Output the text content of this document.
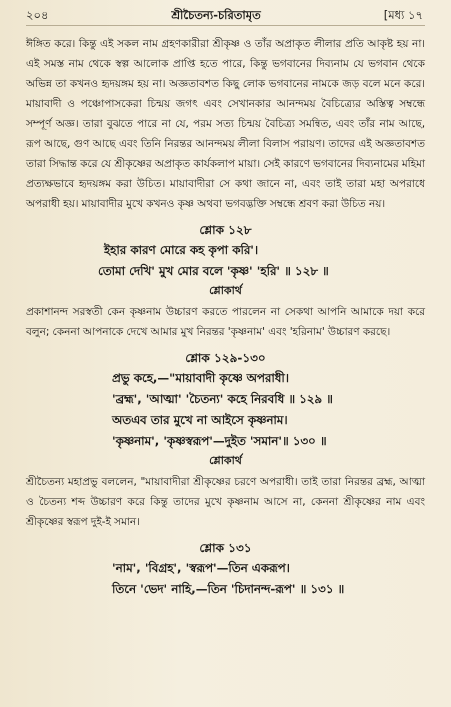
২০৪	শ্রীচৈতন্য-চরিতামৃত	[মধ্য ১৭

ঈঙ্গিত করে। কিন্তু এই সকল নাম গ্রহণকারীরা শ্রীকৃষ্ণ ও তাঁর অপ্রাকৃত লীলার প্রতি আকৃষ্ট হয় না। এই সমস্ত নাম থেকে স্বল্প আলোক প্রাপ্তি হতে পারে, কিন্তু ভগবানের দিব্যনাম যে ভগবান থেকে অভিন্ন তা কখনও হৃদয়ঙ্গম হয় না। অজ্ঞতাবশত কিছু লোক ভগবানের নামকে জড় বলে মনে করে। মায়াবাদী ও পঞ্চোপাসকেরা চিন্ময় জগৎ এবং সেখানকার আনন্দময় বৈচিত্র্যের অস্তিত্ব সম্বন্ধে সম্পূর্ণ অজ্ঞ। তারা বুঝতে পারে না যে, পরম সত্য চিন্ময় বৈচিত্র্য সমন্বিত, এবং তাঁর নাম আছে, রূপ আছে, গুণ আছে এবং তিনি নিরন্তর আনন্দময় লীলা বিলাস পরায়ণ। তাদের এই অজ্ঞতাবশত তারা সিদ্ধান্ত করে যে শ্রীকৃষ্ণের অপ্রাকৃত কার্যকলাপ মায়া। সেই কারণে ভগবানের দিব্যনামের মহিমা প্রত্যক্ষভাবে হৃদয়ঙ্গম করা উচিত। মায়াবাদীরা সে কথা জানে না, এবং তাই তারা মহা অপরাধে অপরাধী হয়। মায়াবাদীর মুখে কখনও কৃষ্ণ অথবা ভগবদ্ভক্তি সম্বন্ধে শ্রবণ করা উচিত নয়।

শ্লোক ১২৮
ইহার কারণ মোরে কহ কৃপা করি'।
তোমা দেখি' মুখ মোর বলে 'কৃষ্ণ' 'হরি' ॥ ১২৮ ॥
শ্লোকার্থ

প্রকাশানন্দ সরস্বতী কেন কৃষ্ণনাম উচ্চারণ করতে পারলেন না সেকথা আপনি আমাকে দয়া করে বলুন; কেননা আপনাকে দেখে আমার মুখ নিরন্তর 'কৃষ্ণনাম' এবং 'হরিনাম' উচ্চারণ করছে।

শ্লোক ১২৯-১৩০
প্রভু কহে,—"মায়াবাদী কৃষ্ণে অপরাধী।
'ব্রহ্ম', 'আত্মা' 'চৈতন্য' কহে নিরবধি ॥ ১২৯ ॥
অতএব তার মুখে না আইসে কৃষ্ণনাম।
'কৃষ্ণনাম', 'কৃষ্ণস্বরূপ'—দুইত 'সমান'॥ ১৩০ ॥
শ্লোকার্থ

শ্রীচৈতন্য মহাপ্রভু বললেন, "মায়াবাদীরা শ্রীকৃষ্ণের চরণে অপরাধী। তাই তারা নিরন্তর ব্রহ্ম, আত্মা ও চৈতন্য শব্দ উচ্চারণ করে কিন্তু তাদের মুখে কৃষ্ণনাম আসে না, কেননা শ্রীকৃষ্ণের নাম এবং শ্রীকৃষ্ণের স্বরূপ দুই-ই সমান।

শ্লোক ১৩১
'নাম', 'বিগ্রহ', 'স্বরূপ'—তিন একরূপ।
তিনে 'ভেদ' নাহি,—তিন 'চিদানন্দ-রূপ' ॥ ১৩১ ॥
